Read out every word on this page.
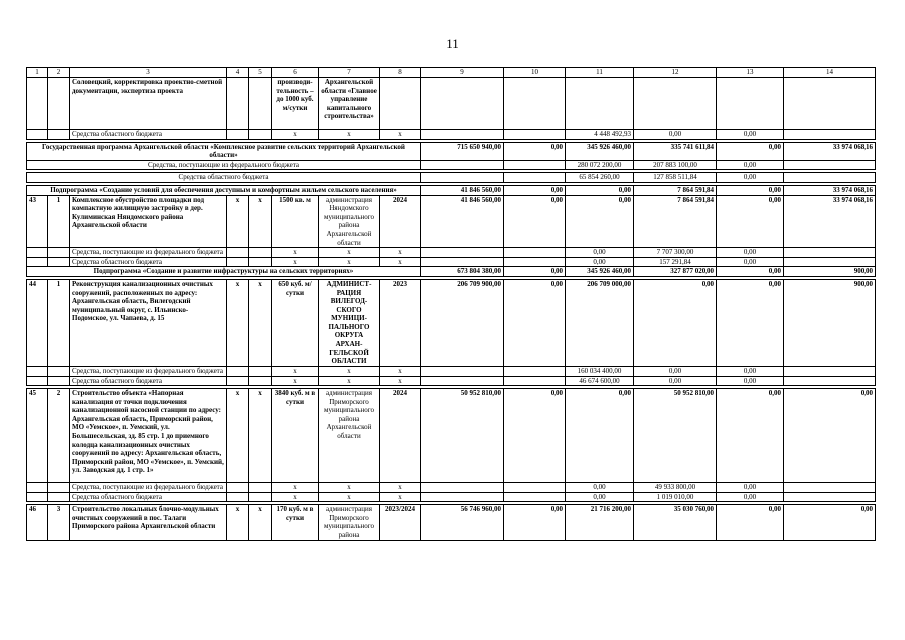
11
1	2	3	4	5	6	7	8	9	10	11	12	13	14
		Соловецкий, корректировка проектно-сметной документации, экспертиза проекта			производи-тельность – до 1000 куб. м/сутки	Архангельской области «Главное управление капитального строительства»							
		Средства областного бюджета			х	х	х			4 448 492,93	0,00	0,00	

Государственная программа Архангельской области «Комплексное развитие сельских территорий Архангельской области»								715 650 940,00	0,00	345 926 460,00	335 741 611,84	0,00	33 974 068,16
Средства, поступающие из федерального бюджета										280 072 200,00	207 883 100,00	0,00	

Средства областного бюджета										65 854 260,00	127 858 511,84	0,00	

Подпрограмма «Создание условий для обеспечения доступным и комфортным жильем сельского населения»								41 846 560,00	0,00	0,00	7 864 591,84	0,00	33 974 068,16
43	1	Комплексное обустройство площадки под компактную жилищную застройку в дер. Кулиминская Няндомского района Архангельской области	х	х	1500 кв. м	администрация Няндомского муниципального района Архангельской области	2024	41 846 560,00	0,00	0,00	7 864 591,84	0,00	33 974 068,16
		Средства, поступающие из федерального бюджета			х	х	х			0,00	7 707 300,00	0,00	
		Средства областного бюджета			х	х	х			0,00	157 291,84	0,00	
Подпрограмма «Создание и развитие инфраструктуры на сельских территориях»								673 804 380,00	0,00	345 926 460,00	327 877 020,00	0,00	900,00

44	1	Реконструкция канализационных очистных сооружений, расположенных по адресу: Архангельская область, Вилегодский муниципальный округ, с. Ильинско-Подомское, ул. Чапаева, д. 15	х	х	650 куб. м/сутки	АДМИНИСТ-РАЦИЯ ВИЛЕГОД-СКОГО МУНИЦИ-ПАЛЬНОГО ОКРУГА АРХАН-ГЕЛЬСКОЙ ОБЛАСТИ	2023	206 709 900,00	0,00	206 709 000,00	0,00	0,00	900,00
		Средства, поступающие из федерального бюджета			х	х	х			160 034 400,00	0,00	0,00	
		Средства областного бюджета			х	х	х			46 674 600,00	0,00	0,00	

45	2	Строительство объекта «Напорная канализация от точки подключения канализационной насосной станции по адресу: Архангельская область, Приморский район, МО «Уемское», п. Уемский, ул. Большесельская, зд. 85 стр. 1 до приемного колодца канализационных очистных сооружений по адресу: Архангельская область, Приморский район, МО «Уемское», п. Уемский, ул. Заводская дд. 1 стр. 1»	х	х	3840 куб. м в сутки	администрация Приморского муниципального района Архангельской области	2024	50 952 810,00	0,00	0,00	50 952 810,00	0,00	0,00
		Средства, поступающие из федерального бюджета			х	х	х			0,00	49 933 800,00	0,00	
		Средства областного бюджета			х	х	х			0,00	1 019 010,00	0,00	

46	3	Строительство локальных блочно-модульных очистных сооружений в пос. Талаги Приморского района Архангельской области	х	х	170 куб. м в сутки	администрация Приморского муниципального района	2023/2024	56 746 960,00	0,00	21 716 200,00	35 030 760,00	0,00	0,00
